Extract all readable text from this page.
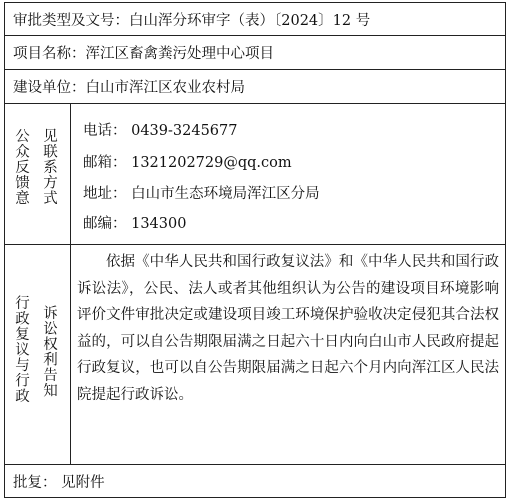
审批类型及文号：白山浑分环审字（表）〔2024〕12 号
项目名称：浑江区畜禽粪污处理中心项目
建设单位：白山市浑江区农业农村局
公众反馈意 见联系方式 电话： 0439-3245677
邮箱： 1321202729@qq.com
地址： 白山市生态环境局浑江区分局
邮编： 134300
行政复议与行政 诉讼权利告知
依据《中华人民共和国行政复议法》和《中华人民共和国行政诉讼法》，公民、法人或者其他组织认为公告的建设项目环境影响评价文件审批决定或建设项目竣工环境保护验收决定侵犯其合法权益的，可以自公告期限届满之日起六十日内向白山市人民政府提起行政复议，也可以自公告期限届满之日起六个月内向浑江区人民法院提起行政诉讼。
批复： 见附件
